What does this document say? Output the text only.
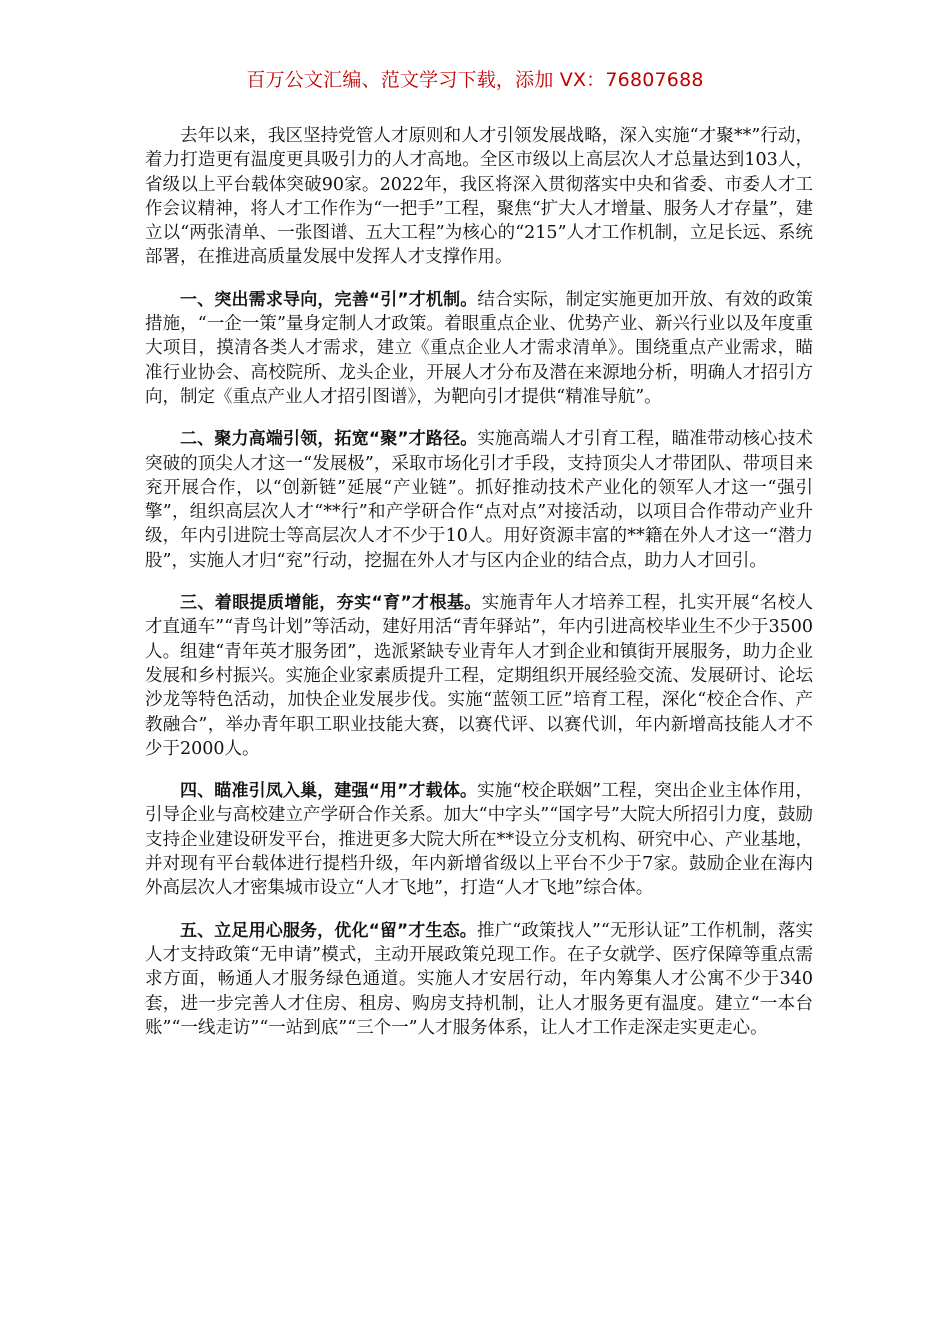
百万公文汇编、范文学习下载，添加 VX：76807688

去年以来，我区坚持党管人才原则和人才引领发展战略，深入实施“才聚**”行动，着力打造更有温度更具吸引力的人才高地。全区市级以上高层次人才总量达到103人，省级以上平台载体突破90家。2022年，我区将深入贯彻落实中央和省委、市委人才工作会议精神，将人才工作作为“一把手”工程，聚焦“扩大人才增量、服务人才存量”，建立以“两张清单、一张图谱、五大工程”为核心的“215”人才工作机制，立足长远、系统部署，在推进高质量发展中发挥人才支撑作用。

一、突出需求导向，完善“引”才机制。结合实际，制定实施更加开放、有效的政策措施，“一企一策”量身定制人才政策。着眼重点企业、优势产业、新兴行业以及年度重大项目，摸清各类人才需求，建立《重点企业人才需求清单》。围绕重点产业需求，瞄准行业协会、高校院所、龙头企业，开展人才分布及潜在来源地分析，明确人才招引方向，制定《重点产业人才招引图谱》，为靶向引才提供“精准导航”。

二、聚力高端引领，拓宽“聚”才路径。实施高端人才引育工程，瞄准带动核心技术突破的顶尖人才这一“发展极”，采取市场化引才手段，支持顶尖人才带团队、带项目来兖开展合作，以“创新链”延展“产业链”。抓好推动技术产业化的领军人才这一“强引擎”，组织高层次人才“**行”和产学研合作“点对点”对接活动，以项目合作带动产业升级，年内引进院士等高层次人才不少于10人。用好资源丰富的**籍在外人才这一“潜力股”，实施人才归“兖”行动，挖掘在外人才与区内企业的结合点，助力人才回引。

三、着眼提质增能，夯实“育”才根基。实施青年人才培养工程，扎实开展“名校人才直通车”“青鸟计划”等活动，建好用活“青年驿站”，年内引进高校毕业生不少于3500人。组建“青年英才服务团”，选派紧缺专业青年人才到企业和镇街开展服务，助力企业发展和乡村振兴。实施企业家素质提升工程，定期组织开展经验交流、发展研讨、论坛沙龙等特色活动，加快企业发展步伐。实施“蓝领工匠”培育工程，深化“校企合作、产教融合”，举办青年职工职业技能大赛，以赛代评、以赛代训，年内新增高技能人才不少于2000人。

四、瞄准引凤入巢，建强“用”才载体。实施“校企联姻”工程，突出企业主体作用，引导企业与高校建立产学研合作关系。加大“中字头”“国字号”大院大所招引力度，鼓励支持企业建设研发平台，推进更多大院大所在**设立分支机构、研究中心、产业基地，并对现有平台载体进行提档升级，年内新增省级以上平台不少于7家。鼓励企业在海内外高层次人才密集城市设立“人才飞地”，打造“人才飞地”综合体。

五、立足用心服务，优化“留”才生态。推广“政策找人”“无形认证”工作机制，落实人才支持政策“无申请”模式，主动开展政策兑现工作。在子女就学、医疗保障等重点需求方面，畅通人才服务绿色通道。实施人才安居行动，年内筹集人才公寓不少于340套，进一步完善人才住房、租房、购房支持机制，让人才服务更有温度。建立“一本台账”“一线走访”“一站到底”“三个一”人才服务体系，让人才工作走深走实更走心。
